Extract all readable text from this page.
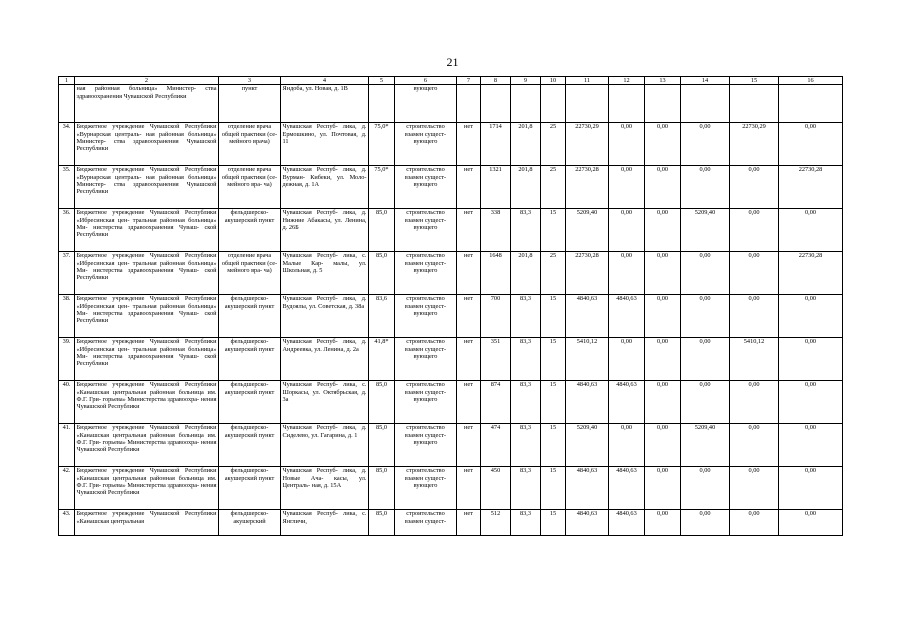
21
1	2	3	4	5	6	7	8	9	10	11	12	13	14	15	16
	ная районная больница» Министер- ства здравоохранения Чувашской Республики	пункт	Яндоба, ул. Новая, д. 1В		вующего										
34.	Бюджетное учреждение Чувашской Республики «Вурнарская централь- ная районная больница» Министер- ства здравоохранения Чувашской Республики	отделение врача общей практики (се- мейного врача)	Чувашская Респуб- лика, д. Ермошкино, ул. Почтовая, д. 11	75,0*	строительство взамен сущест- вующего	нет	1714	201,8	25	22730,29	0,00	0,00	0,00	22730,29	0,00
35.	Бюджетное учреждение Чувашской Республики «Вурнарская централь- ная районная больница» Министер- ства здравоохранения Чувашской Республики	отделение врача общей практики (се- мейного вра- ча)	Чувашская Респуб- лика, д. Вурман- Кибеки, ул. Моло- дежная, д. 1А	75,0*	строительство взамен сущест- вующего	нет	1321	201,8	25	22730,28	0,00	0,00	0,00	0,00	22730,28
36.	Бюджетное учреждение Чувашской Республики «Ибресинская цен- тральная районная больница» Ми- нистерства здравоохранения Чуваш- ской Республики	фельдшерско- акушерский пункт	Чувашская Респуб- лика, д. Нижние Абакасы, ул. Ленина, д. 26Б	85,0	строительство взамен сущест- вующего	нет	338	83,3	15	5209,40	0,00	0,00	5209,40	0,00	0,00
37.	Бюджетное учреждение Чувашской Республики «Ибресинская цен- тральная районная больница» Ми- нистерства здравоохранения Чуваш- ской Республики	отделение врача общей практики (се- мейного вра- ча)	Чувашская Респуб- лика, с. Малые Кар- малы, ул. Школьная, д. 5	85,0	строительство взамен сущест- вующего	нет	1648	201,8	25	22730,28	0,00	0,00	0,00	0,00	22730,28
38.	Бюджетное учреждение Чувашской Республики «Ибресинская цен- тральная районная больница» Ми- нистерства здравоохранения Чуваш- ской Республики	фельдшерско- акушерский пункт	Чувашская Респуб- лика, д. Вудоялы, ул. Советская, д. 38а	83,6	строительство взамен сущест- вующего	нет	700	83,3	15	4840,63	4840,63	0,00	0,00	0,00	0,00
39.	Бюджетное учреждение Чувашской Республики «Ибресинская цен- тральная районная больница» Ми- нистерства здравоохранения Чуваш- ской Республики	фельдшерско- акушерский пункт	Чувашская Респуб- лика, д. Андреевка, ул. Ленина, д. 2а	41,8*	строительство взамен сущест- вующего	нет	351	83,3	15	5410,12	0,00	0,00	0,00	5410,12	0,00
40.	Бюджетное учреждение Чувашской Республики «Канашская центральная районная больница им. Ф.Г. Гри- горьева» Министерства здравоохра- нения Чувашской Республики	фельдшерско- акушерский пункт	Чувашская Респуб- лика, с. Шоркасы, ул. Октябрьская, д. 3а	85,0	строительство взамен сущест- вующего	нет	874	83,3	15	4840,63	4840,63	0,00	0,00	0,00	0,00
41.	Бюджетное учреждение Чувашской Республики «Канашская центральная районная больница им. Ф.Г. Гри- горьева» Министерства здравоохра- нения Чувашской Республики	фельдшерско- акушерский пункт	Чувашская Респуб- лика, д. Сиделево, ул. Гагарина, д. 1	85,0	строительство взамен сущест- вующего	нет	474	83,3	15	5209,40	0,00	0,00	5209,40	0,00	0,00
42.	Бюджетное учреждение Чувашской Республики «Канашская центральная районная больница им. Ф.Г. Гри- горьева» Министерства здравоохра- нения Чувашской Республики	фельдшерско- акушерский пункт	Чувашская Респуб- лика, д. Новые Ача- касы, ул. Централь- ная, д. 15А	85,0	строительство взамен сущест- вующего	нет	450	83,3	15	4840,63	4840,63	0,00	0,00	0,00	0,00
43.	Бюджетное учреждение Чувашской Республики «Канашская центральная	фельдшерско- акушерский	Чувашская Респуб- лика, с. Янгличи,	85,0	строительство взамен сущест-	нет	512	83,3	15	4840,63	4840,63	0,00	0,00	0,00	0,00
